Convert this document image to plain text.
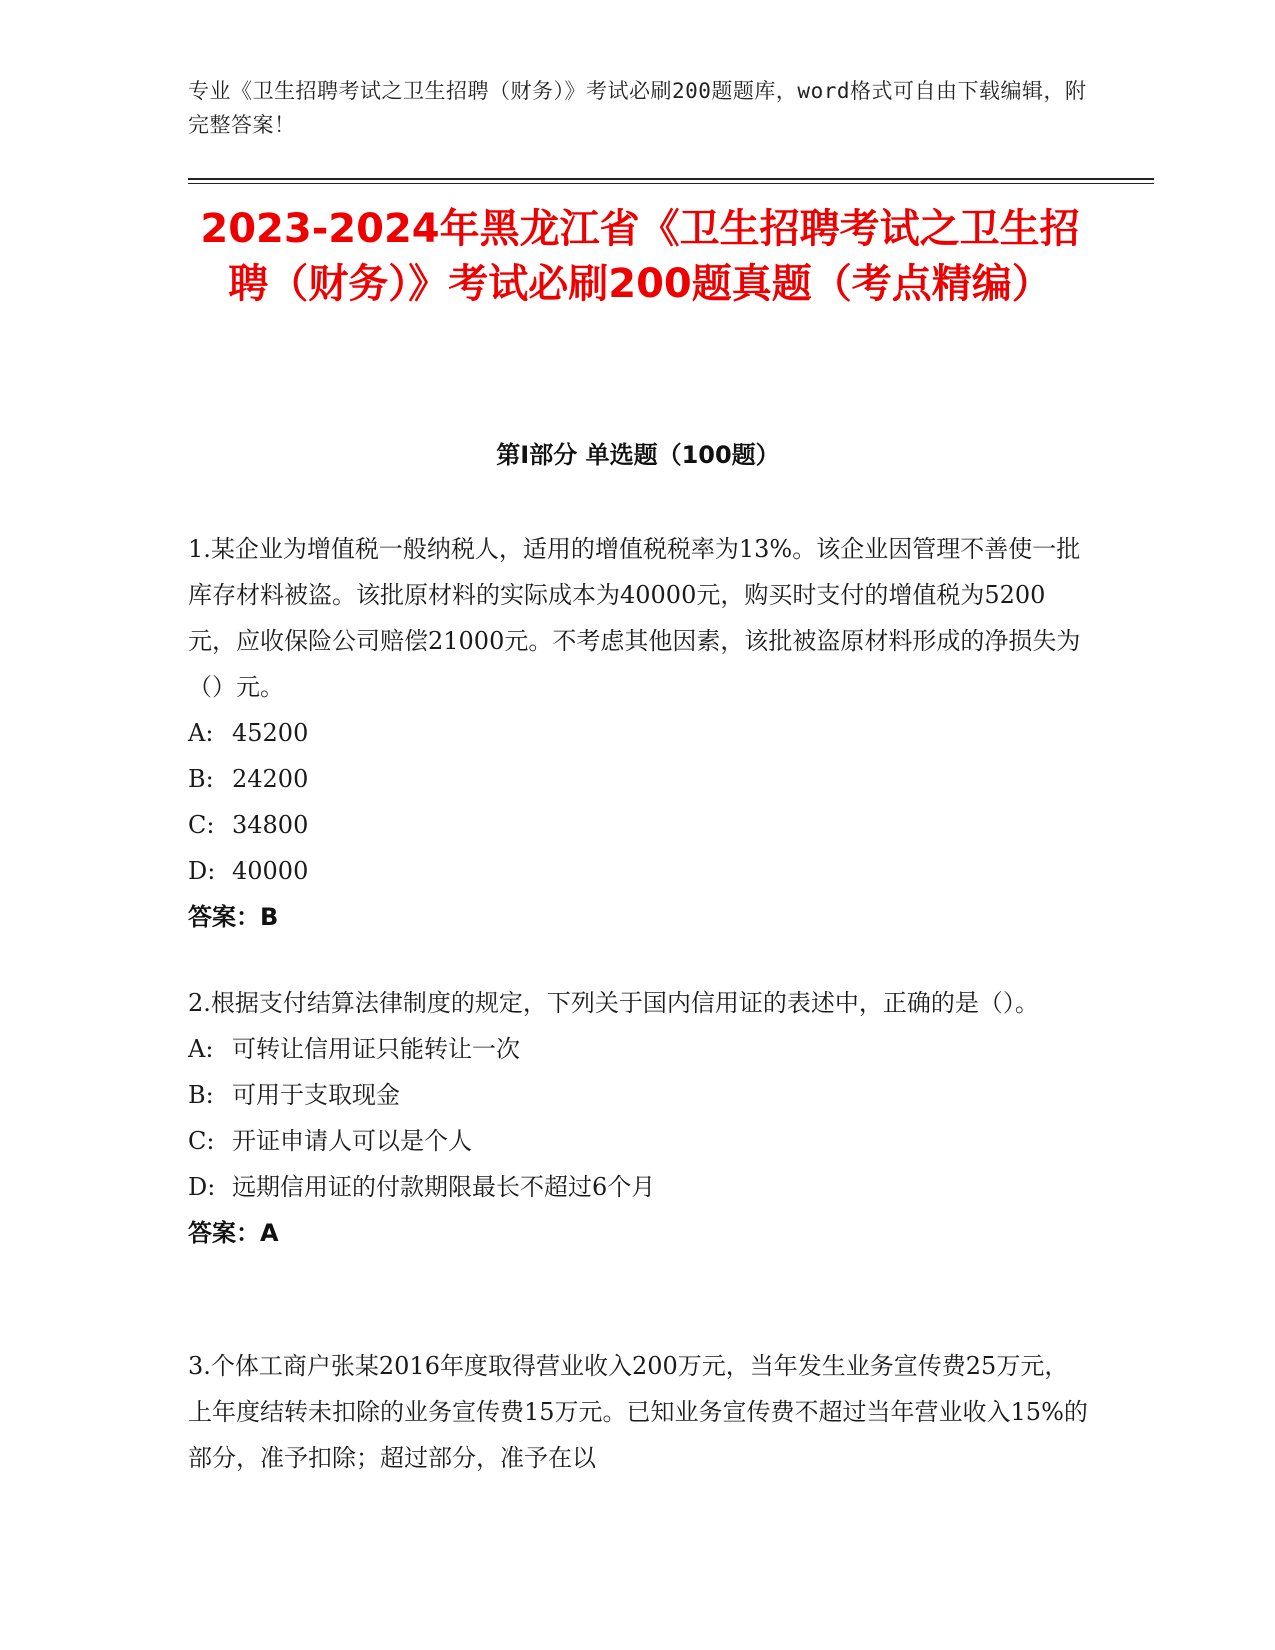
专业《卫生招聘考试之卫生招聘（财务）》考试必刷200题题库，word格式可自由下载编辑，附完整答案！
2023-2024年黑龙江省《卫生招聘考试之卫生招聘（财务）》考试必刷200题真题（考点精编）
第Ⅰ部分 单选题（100题）

1.某企业为增值税一般纳税人，适用的增值税税率为13%。该企业因管理不善使一批库存材料被盗。该批原材料的实际成本为40000元，购买时支付的增值税为5200元，应收保险公司赔偿21000元。不考虑其他因素，该批被盗原材料形成的净损失为（）元。

A: 45200

B: 24200

C: 34800

D: 40000

答案：B

2.根据支付结算法律制度的规定，下列关于国内信用证的表述中，正确的是（）。

A: 可转让信用证只能转让一次

B: 可用于支取现金

C: 开证申请人可以是个人

D: 远期信用证的付款期限最长不超过6个月

答案：A

3.个体工商户张某2016年度取得营业收入200万元，当年发生业务宣传费25万元，上年度结转未扣除的业务宣传费15万元。已知业务宣传费不超过当年营业收入15%的部分，准予扣除；超过部分，准予在以
